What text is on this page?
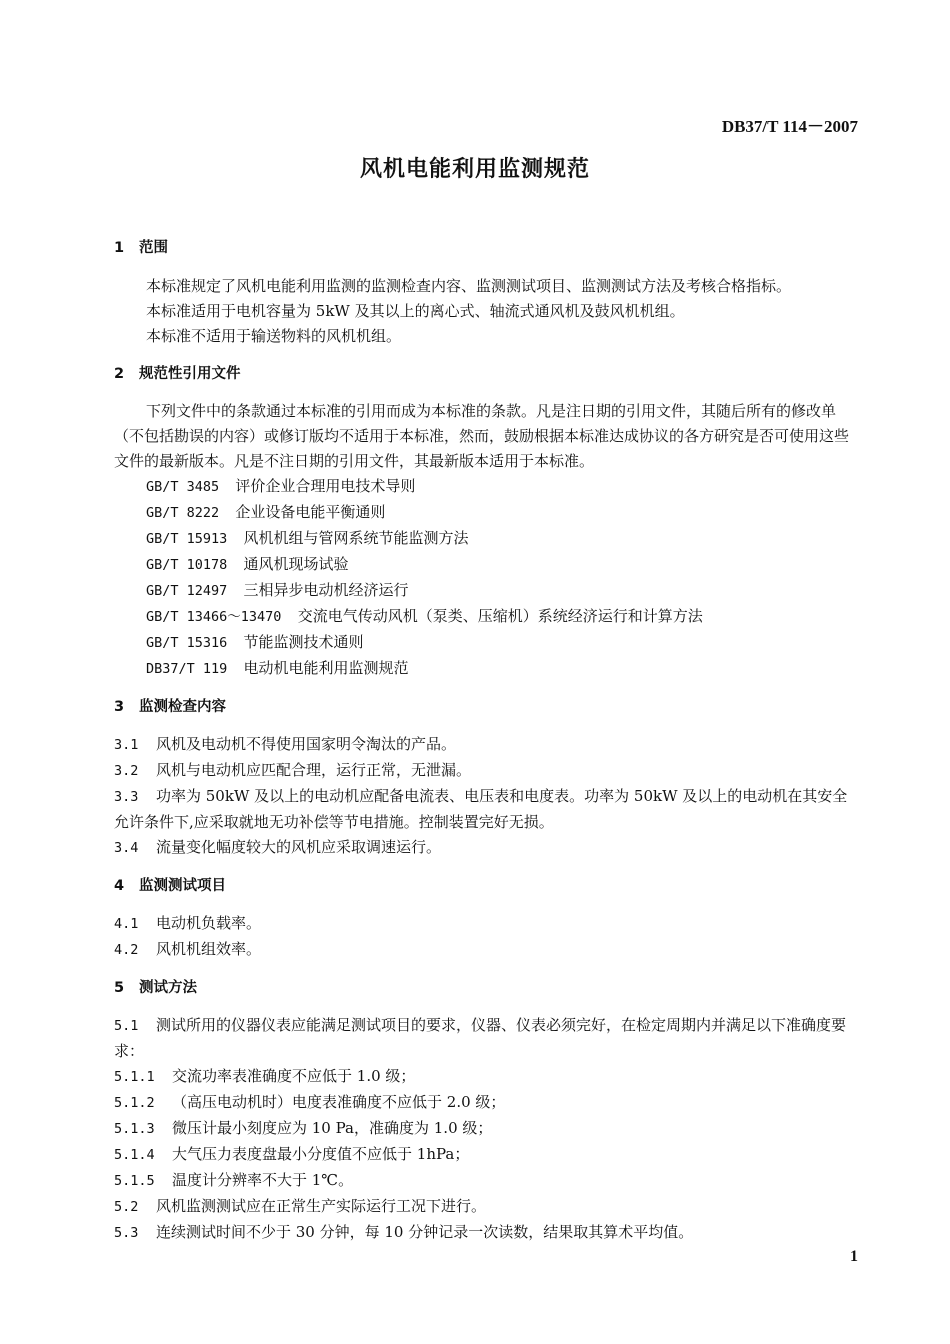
DB37/T 114－2007
风机电能利用监测规范
1 范围

本标准规定了风机电能利用监测的监测检查内容、监测测试项目、监测测试方法及考核合格指标。

本标准适用于电机容量为 5kW 及其以上的离心式、轴流式通风机及鼓风机机组。

本标准不适用于输送物料的风机机组。

2 规范性引用文件

下列文件中的条款通过本标准的引用而成为本标准的条款。凡是注日期的引用文件，其随后所有的修改单（不包括勘误的内容）或修订版均不适用于本标准，然而，鼓励根据本标准达成协议的各方研究是否可使用这些文件的最新版本。凡是不注日期的引用文件，其最新版本适用于本标准。

GB/T 3485 评价企业合理用电技术导则
GB/T 8222 企业设备电能平衡通则
GB/T 15913 风机机组与管网系统节能监测方法
GB/T 10178 通风机现场试验
GB/T 12497 三相异步电动机经济运行
GB/T 13466～13470 交流电气传动风机（泵类、压缩机）系统经济运行和计算方法
GB/T 15316 节能监测技术通则
DB37/T 119 电动机电能利用监测规范
3 监测检查内容
3.1 风机及电动机不得使用国家明令淘汰的产品。
3.2 风机与电动机应匹配合理，运行正常，无泄漏。

3.3 功率为 50kW 及以上的电动机应配备电流表、电压表和电度表。功率为 50kW 及以上的电动机在其安全允许条件下,应采取就地无功补偿等节电措施。控制装置完好无损。

3.4 流量变化幅度较大的风机应采取调速运行。
4 监测测试项目
4.1 电动机负载率。
4.2 风机机组效率。
5 测试方法

5.1 测试所用的仪器仪表应能满足测试项目的要求，仪器、仪表必须完好，在检定周期内并满足以下准确度要求：

5.1.1 交流功率表准确度不应低于 1.0 级；
5.1.2 （高压电动机时）电度表准确度不应低于 2.0 级；
5.1.3 微压计最小刻度应为 10 Pa，准确度为 1.0 级；
5.1.4 大气压力表度盘最小分度值不应低于 1hPa；
5.1.5 温度计分辨率不大于 1℃。
5.2 风机监测测试应在正常生产实际运行工况下进行。
5.3 连续测试时间不少于 30 分钟，每 10 分钟记录一次读数，结果取其算术平均值。
1
